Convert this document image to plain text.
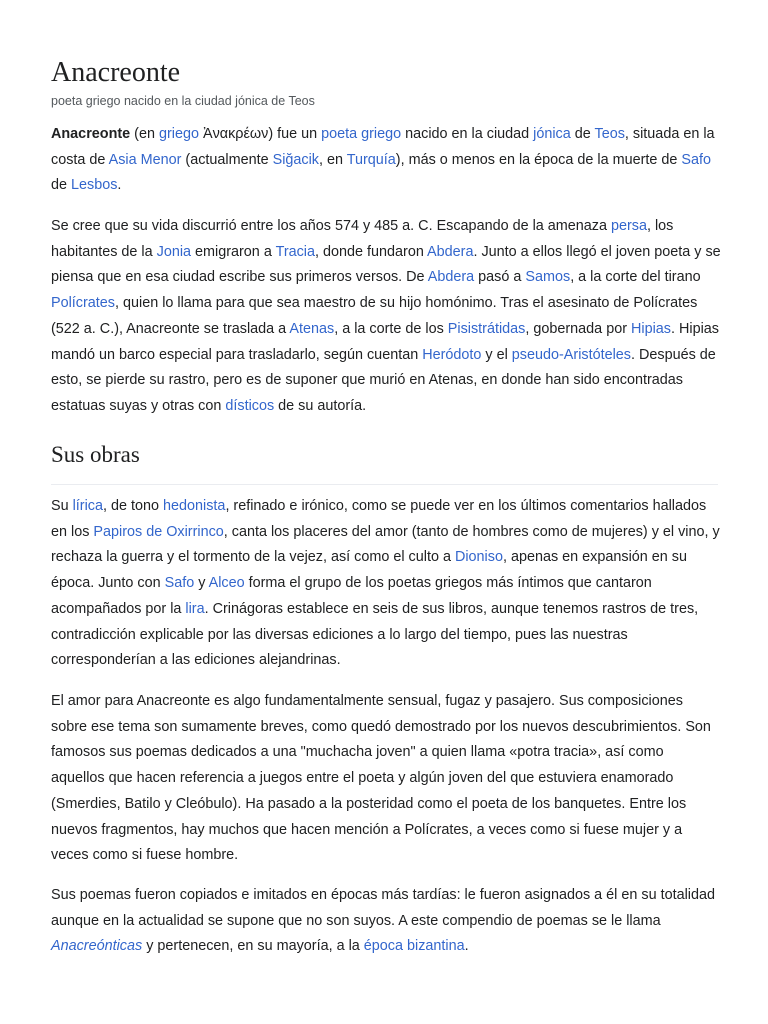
Anacreonte
poeta griego nacido en la ciudad jónica de Teos

Anacreonte (en griego Ἀνακρέων) fue un poeta griego nacido en la ciudad jónica de Teos, situada en la costa de Asia Menor (actualmente Siğacik, en Turquía), más o menos en la época de la muerte de Safo de Lesbos.

Se cree que su vida discurrió entre los años 574 y 485 a. C. Escapando de la amenaza persa, los habitantes de la Jonia emigraron a Tracia, donde fundaron Abdera. Junto a ellos llegó el joven poeta y se piensa que en esa ciudad escribe sus primeros versos. De Abdera pasó a Samos, a la corte del tirano Polícrates, quien lo llama para que sea maestro de su hijo homónimo. Tras el asesinato de Polícrates (522 a. C.), Anacreonte se traslada a Atenas, a la corte de los Pisistrátidas, gobernada por Hipias. Hipias mandó un barco especial para trasladarlo, según cuentan Heródoto y el pseudo-Aristóteles. Después de esto, se pierde su rastro, pero es de suponer que murió en Atenas, en donde han sido encontradas estatuas suyas y otras con dísticos de su autoría.

Sus obras

Su lírica, de tono hedonista, refinado e irónico, como se puede ver en los últimos comentarios hallados en los Papiros de Oxirrinco, canta los placeres del amor (tanto de hombres como de mujeres) y el vino, y rechaza la guerra y el tormento de la vejez, así como el culto a Dioniso, apenas en expansión en su época. Junto con Safo y Alceo forma el grupo de los poetas griegos más íntimos que cantaron acompañados por la lira. Crinágoras establece en seis de sus libros, aunque tenemos rastros de tres, contradicción explicable por las diversas ediciones a lo largo del tiempo, pues las nuestras corresponderían a las ediciones alejandrinas.

El amor para Anacreonte es algo fundamentalmente sensual, fugaz y pasajero. Sus composiciones sobre ese tema son sumamente breves, como quedó demostrado por los nuevos descubrimientos. Son famosos sus poemas dedicados a una "muchacha joven" a quien llama «potra tracia», así como aquellos que hacen referencia a juegos entre el poeta y algún joven del que estuviera enamorado (Smerdies, Batilo y Cleóbulo). Ha pasado a la posteridad como el poeta de los banquetes. Entre los nuevos fragmentos, hay muchos que hacen mención a Polícrates, a veces como si fuese mujer y a veces como si fuese hombre.

Sus poemas fueron copiados e imitados en épocas más tardías: le fueron asignados a él en su totalidad aunque en la actualidad se supone que no son suyos. A este compendio de poemas se le llama Anacreónticas y pertenecen, en su mayoría, a la época bizantina.
